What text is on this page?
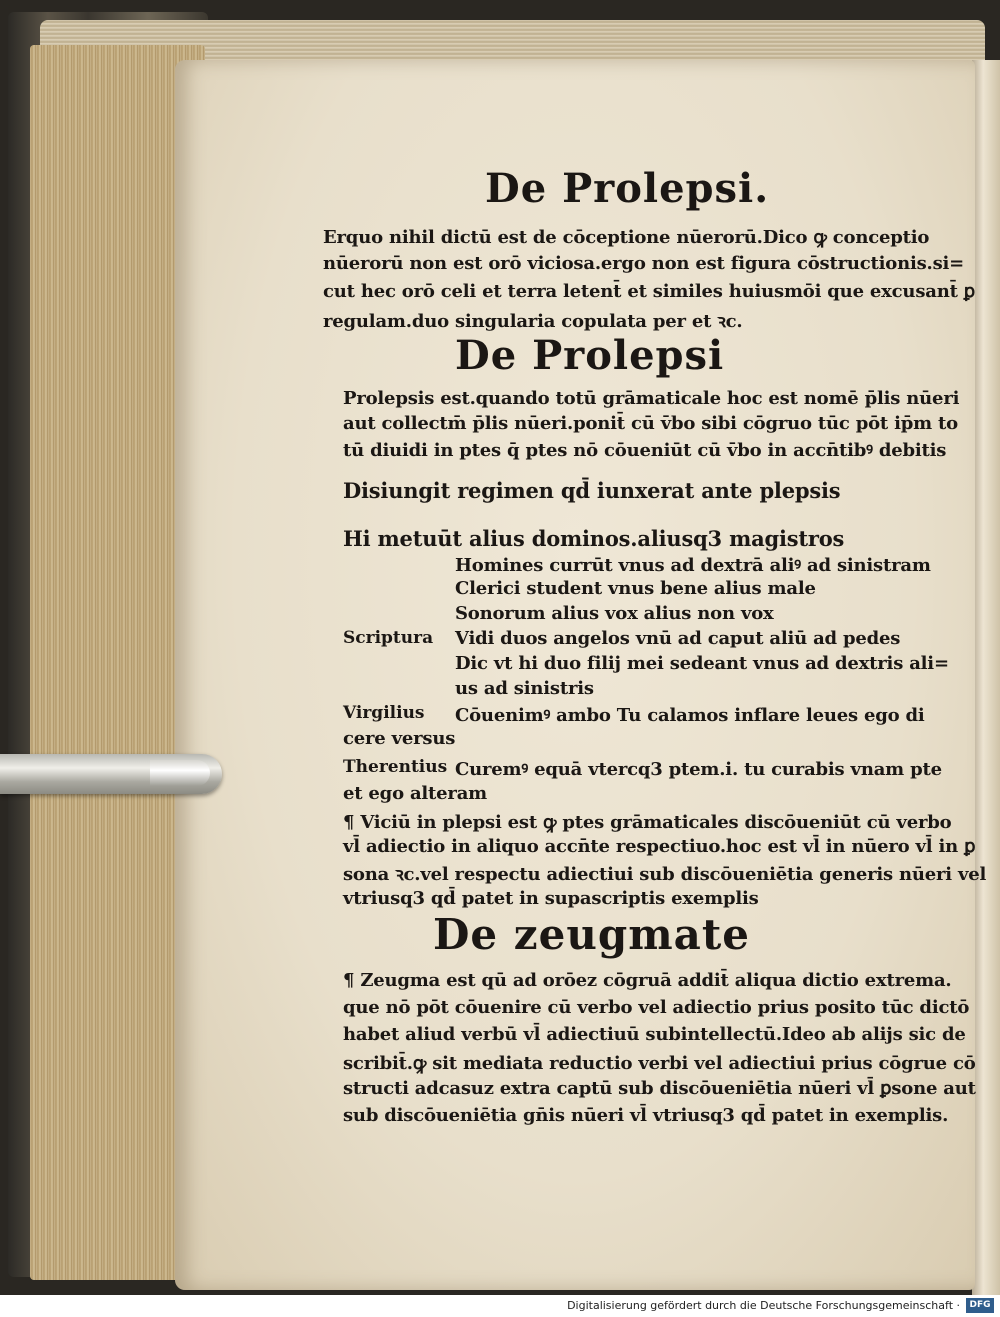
De Prolepsi.
Erquo nihil dictū est de cōceptione nūerorū.Dico ꝙ conceptio
nūerorū non est orō viciosa.ergo non est figura cōstructionis.si=
cut hec orō celi et terra letent̄ et similes huiusmōi que excusant̄ ꝑ
regulam.duo singularia copulata per et ꝛc.
De Prolepsi
Prolepsis est.quando totū grāmaticale hoc est nomē p̄lis nūeri
aut collectm̄ p̄lis nūeri.ponit̄ cū v̄bo sibi cōgruo tūc pōt ip̄m to
tū diuidi in ptes q̄ ptes nō cōueniūt cū v̄bo in accn̄tibꝰ debitis
Disiungit regimen qd̄ iunxerat ante plepsis
Hi metuūt alius dominos.aliusq3 magistros
Homines currūt vnus ad dextrā aliꝰ ad sinistram
Clerici student vnus bene alius male
Sonorum alius vox alius non vox
Scriptura Vidi duos angelos vnū ad caput aliū ad pedes
Dic vt hi duo filij mei sedeant vnus ad dextris ali=
us ad sinistris
Virgilius Cōuenimꝰ ambo Tu calamos inflare leues ego di
cere versus
Therentius Curemꝰ equā vtercq3 ptem.i. tu curabis vnam pte
et ego alteram
¶ Viciū in plepsi est ꝙ ptes grāmaticales discōueniūt cū verbo
vl̄ adiectio in aliquo accn̄te respectiuo.hoc est vl̄ in nūero vl̄ in ꝑ
sona ꝛc.vel respectu adiectiui sub discōueniētia generis nūeri vel
vtriusq3 qd̄ patet in supascriptis exemplis
De zeugmate
¶ Zeugma est qū ad orōez cōgruā addit̄ aliqua dictio extrema.
que nō pōt cōuenire cū verbo vel adiectio prius posito tūc dictō
habet aliud verbū vl̄ adiectiuū subintellectū.Ideo ab alijs sic de
scribit̄.ꝙ sit mediata reductio verbi vel adiectiui prius cōgrue cō
structi adcasuz extra captū sub discōueniētia nūeri vl̄ ꝑsone aut
sub discōueniētia gn̄is nūeri vl̄ vtriusq3 qd̄ patet in exemplis.
Digitalisierung gefördert durch die Deutsche Forschungsgemeinschaft ·	DFG
